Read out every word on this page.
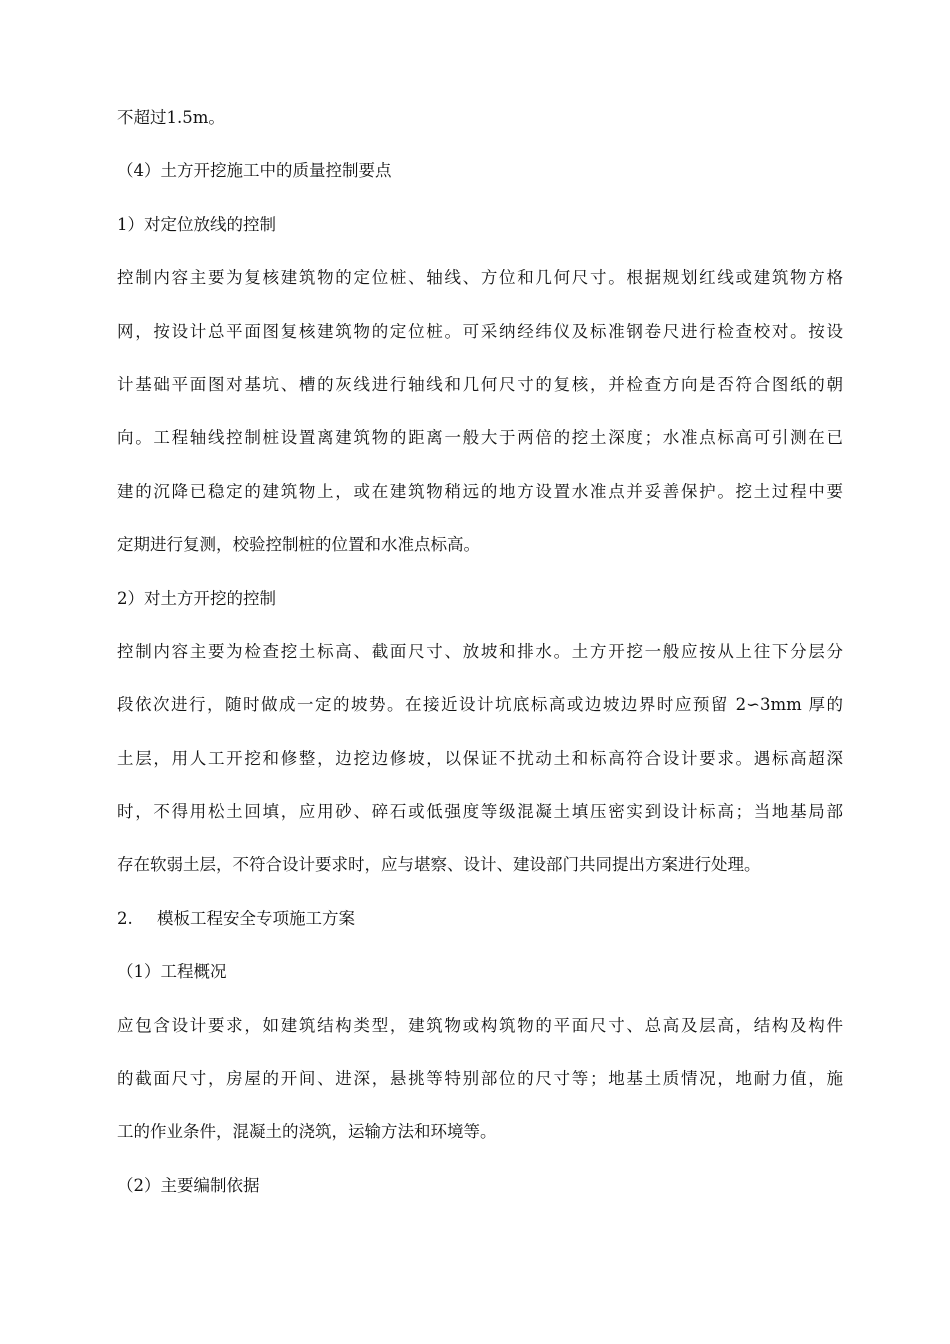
不超过1.5m。
（4）土方开挖施工中的质量控制要点
1）对定位放线的控制
控制内容主要为复核建筑物的定位桩、轴线、方位和几何尺寸。根据规划红线或建筑物方格
网，按设计总平面图复核建筑物的定位桩。可采纳经纬仪及标准钢卷尺进行检查校对。按设
计基础平面图对基坑、槽的灰线进行轴线和几何尺寸的复核，并检查方向是否符合图纸的朝
向。工程轴线控制桩设置离建筑物的距离一般大于两倍的挖土深度；水准点标高可引测在已
建的沉降已稳定的建筑物上，或在建筑物稍远的地方设置水准点并妥善保护。挖土过程中要
定期进行复测，校验控制桩的位置和水准点标高。
2）对土方开挖的控制
控制内容主要为检查挖土标高、截面尺寸、放坡和排水。土方开挖一般应按从上往下分层分
段依次进行，随时做成一定的坡势。在接近设计坑底标高或边坡边界时应预留 2∽3mm 厚的
土层，用人工开挖和修整，边挖边修坡，以保证不扰动土和标高符合设计要求。遇标高超深
时，不得用松土回填，应用砂、碎石或低强度等级混凝土填压密实到设计标高；当地基局部
存在软弱土层，不符合设计要求时，应与堪察、设计、建设部门共同提出方案进行处理。
2. 模板工程安全专项施工方案
（1）工程概况
应包含设计要求，如建筑结构类型，建筑物或构筑物的平面尺寸、总高及层高，结构及构件
的截面尺寸，房屋的开间、进深，悬挑等特别部位的尺寸等；地基土质情况，地耐力值，施
工的作业条件，混凝土的浇筑，运输方法和环境等。
（2）主要编制依据
